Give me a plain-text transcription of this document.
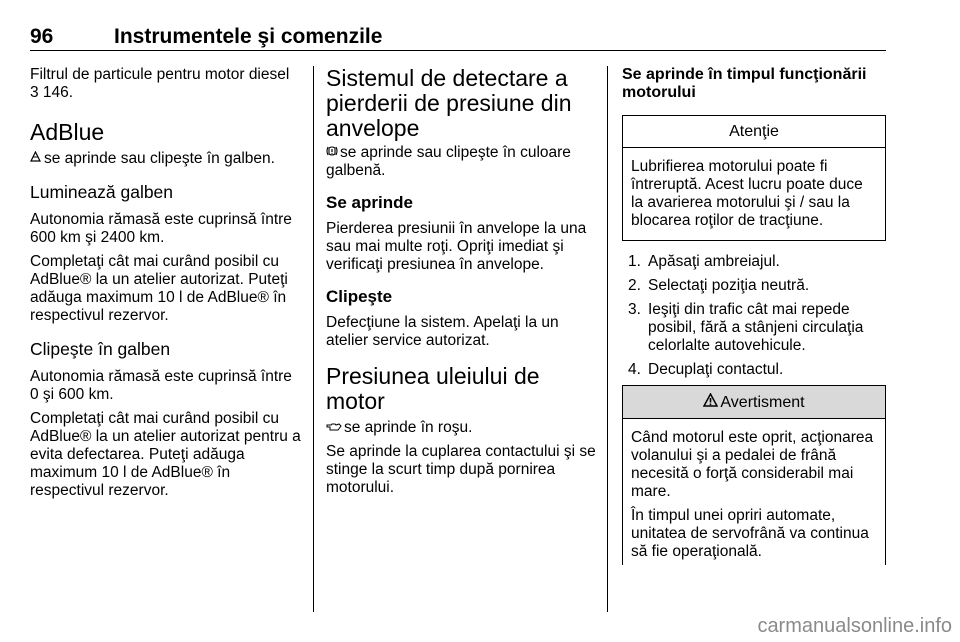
96	Instrumentele şi comenzile

Filtrul de particule pentru motor diesel

3 146.

AdBlue

se aprinde sau clipeşte în galben.

Luminează galben

Autonomia rămasă este cuprinsă între 600 km şi 2400 km.

Completaţi cât mai curând posibil cu AdBlue® la un atelier autorizat. Puteţi adăuga maximum 10 l de AdBlue® în respectivul rezervor.

Clipeşte în galben

Autonomia rămasă este cuprinsă între 0 şi 600 km.

Completaţi cât mai curând posibil cu AdBlue® la un atelier autorizat pentru a evita defectarea. Puteţi adăuga maximum 10 l de AdBlue® în respectivul rezervor.

Sistemul de detectare a pierderii de presiune din anvelope

se aprinde sau clipeşte în culoare galbenă.

Se aprinde

Pierderea presiunii în anvelope la una sau mai multe roţi. Opriţi imediat şi verificaţi presiunea în anvelope.

Clipeşte

Defecţiune la sistem. Apelaţi la un atelier service autorizat.

Presiunea uleiului de motor

se aprinde în roşu.

Se aprinde la cuplarea contactului şi se stinge la scurt timp după pornirea motorului.

Se aprinde în timpul funcţionării motorului
Atenţie
Lubrifierea motorului poate fi întreruptă. Acest lucru poate duce la avarierea motorului şi / sau la blocarea roţilor de tracţiune.
1. Apăsaţi ambreiajul.
2. Selectaţi poziţia neutră.
3. Ieşiţi din trafic cât mai repede posibil, fără a stânjeni circulaţia celorlalte autovehicule.
4. Decuplaţi contactul.
Avertisment

Când motorul este oprit, acţionarea volanului şi a pedalei de frână necesită o forţă considerabil mai mare.

În timpul unei opriri automate, unitatea de servofrână va continua să fie operaţională.

carmanualsonline.info
